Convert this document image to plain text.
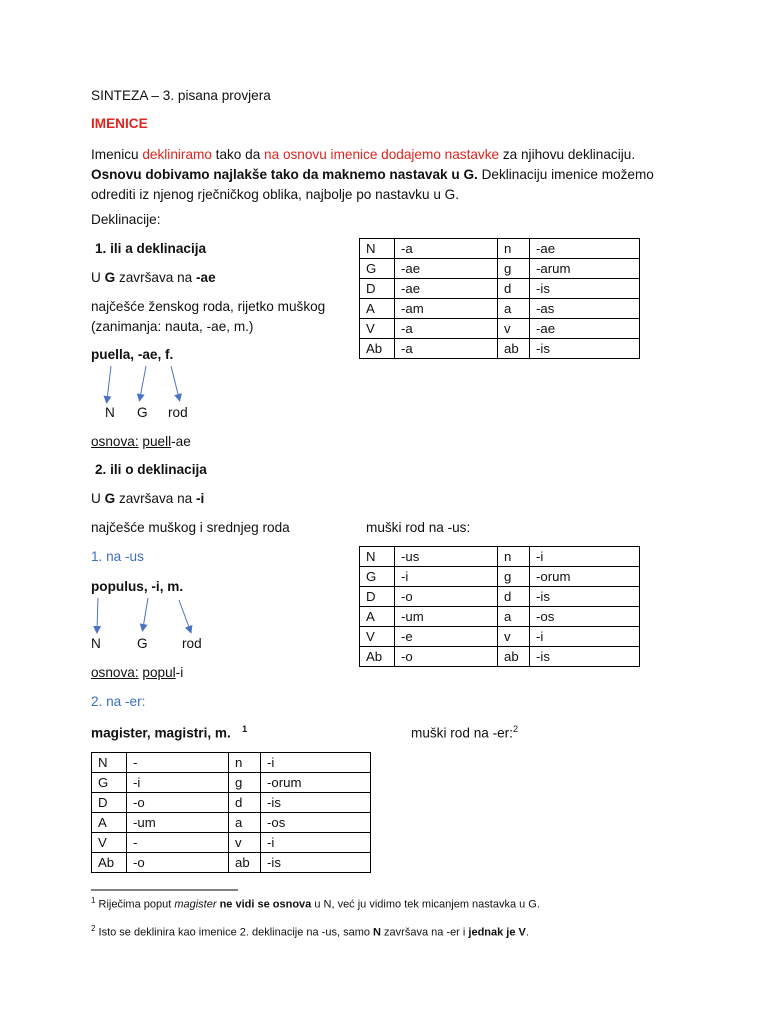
SINTEZA – 3. pisana provjera
IMENICE
Imenicu dekliniramo tako da na osnovu imenice dodajemo nastavke za njihovu deklinaciju.
Osnovu dobivamo najlakše tako da maknemo nastavak u G. Deklinaciju imenice možemo
odrediti iz njenog rječničkog oblika, najbolje po nastavku u G.
Deklinacije:
1. ili a deklinacija
U G završava na -ae
najčešće ženskog roda, rijetko muškog
(zanimanja: nauta, -ae, m.)
puella, -ae, f.
N G rod
osnova: puell-ae
N	-a	n	-ae
G	-ae	g	-arum
D	-ae	d	-is
A	-am	a	-as
V	-a	v	-ae
Ab	-a	ab	-is
2. ili o deklinacija
U G završava na -i
najčešće muškog i srednjeg roda	muški rod na -us:
1. na -us
populus, -i, m.
N	G	rod
osnova: popul-i
N	-us	n	-i
G	-i	g	-orum
D	-o	d	-is
A	-um	a	-os
V	-e	v	-i
Ab	-o	ab	-is
2. na -er:
magister, magistri, m. $^1$	muški rod na -er:$^2$
N	-	n	-i
G	-i	g	-orum
D	-o	d	-is
A	-um	a	-os
V	-	v	-i
Ab	-o	ab	-is
$^1$ Riječima poput magister ne vidi se osnova u N, već ju vidimo tek micanjem nastavka u G.
$^2$ Isto se deklinira kao imenice 2. deklinacije na -us, samo N završava na -er i jednak je V.
